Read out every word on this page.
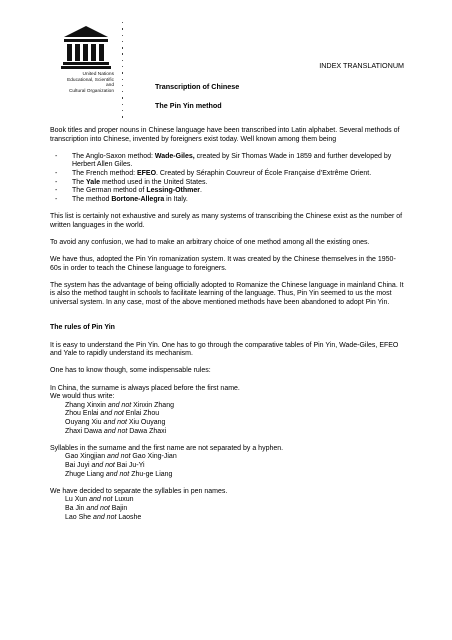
United Nations
Educational, Scientific and
Cultural Organization
INDEX TRANSLATIONUM
Transcription of Chinese
The Pin Yin method

Book titles and proper nouns in Chinese language have been transcribed into Latin alphabet. Several methods of transcription into Chinese, invented by foreigners exist today. Well known among them being

- The Anglo-Saxon method: Wade-Giles, created by Sir Thomas Wade in 1859 and further developed by Herbert Allen Giles.
- The French method: EFEO. Created by Séraphin Couvreur of École Française d’Extrême Orient.
- The Yale method used in the United States.
- The German method of Lessing-Othmer.
- The method Bortone-Allegra in Italy.

This list is certainly not exhaustive and surely as many systems of transcribing the Chinese exist as the number of written languages in the world.

To avoid any confusion, we had to make an arbitrary choice of one method among all the existing ones.

We have thus, adopted the Pin Yin romanization system. It was created by the Chinese themselves in the 1950-60s in order to teach the Chinese language to foreigners.

The system has the advantage of being officially adopted to Romanize the Chinese language in mainland China. It is also the method taught in schools to facilitate learning of the language. Thus, Pin Yin seemed to us the most universal system. In any case, most of the above mentioned methods have been abandoned to adopt Pin Yin.

The rules of Pin Yin

It is easy to understand the Pin Yin. One has to go through the comparative tables of Pin Yin, Wade-Giles, EFEO and Yale to rapidly understand its mechanism.

One has to know though, some indispensable rules:

In China, the surname is always placed before the first name.
We would thus write:
Zhang Xinxin and not Xinxin Zhang
Zhou Enlai and not Enlai Zhou
Ouyang Xiu and not Xiu Ouyang
Zhaxi Dawa and not Dawa Zhaxi
Syllables in the surname and the first name are not separated by a hyphen.
Gao Xingjian and not Gao Xing-Jian
Bai Juyi and not Bai Ju-Yi
Zhuge Liang and not Zhu-ge Liang
We have decided to separate the syllables in pen names.
Lu Xun and not Luxun
Ba Jin and not Bajin
Lao She and not Laoshe
